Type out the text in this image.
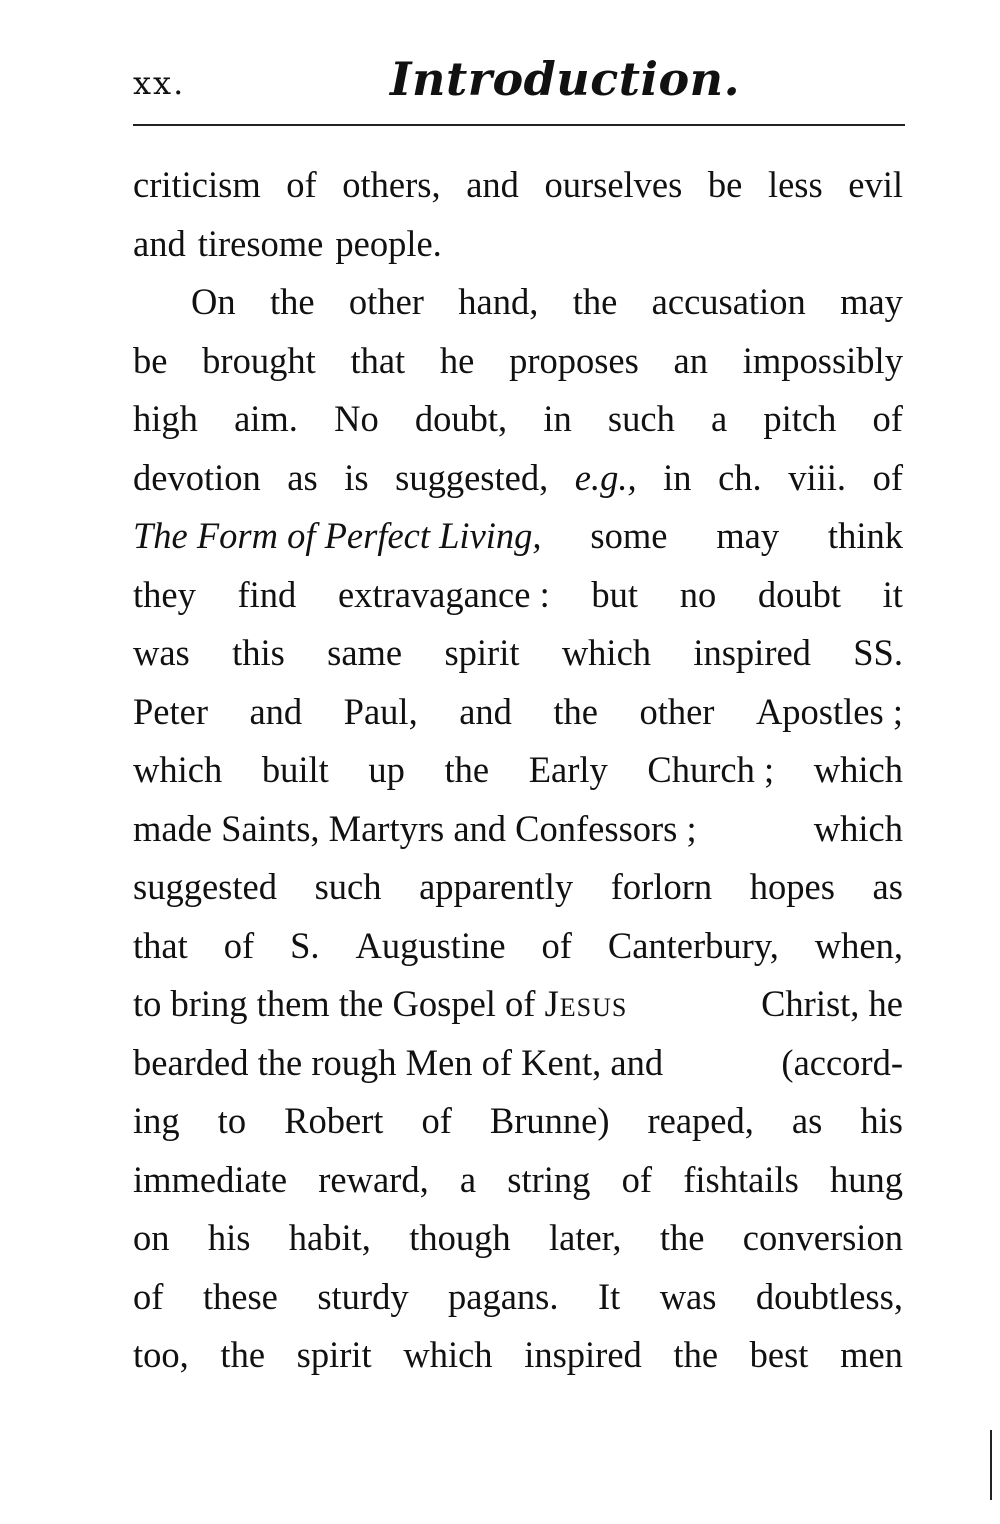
xx.	Introduction.
criticism of others, and ourselves be less evil
and tiresome people.
On the other hand, the accusation may
be brought that he proposes an impossibly
high aim. No doubt, in such a pitch of
devotion as is suggested, e.g., in ch. viii. of
The Form of Perfect Living, some may think
they find extravagance : but no doubt it
was this same spirit which inspired SS.
Peter and Paul, and the other Apostles ;
which built up the Early Church ; which
made Saints, Martyrs and Confessors ;	which
suggested such apparently forlorn hopes as
that of S. Augustine of Canterbury, when,
to bring them the Gospel of Jesus	Christ, he
bearded the rough Men of Kent, and	(accord-
ing to Robert of Brunne) reaped, as his
immediate reward, a string of fishtails hung
on his habit, though later, the conversion
of these sturdy pagans. It was doubtless,
too, the spirit which inspired the best men
